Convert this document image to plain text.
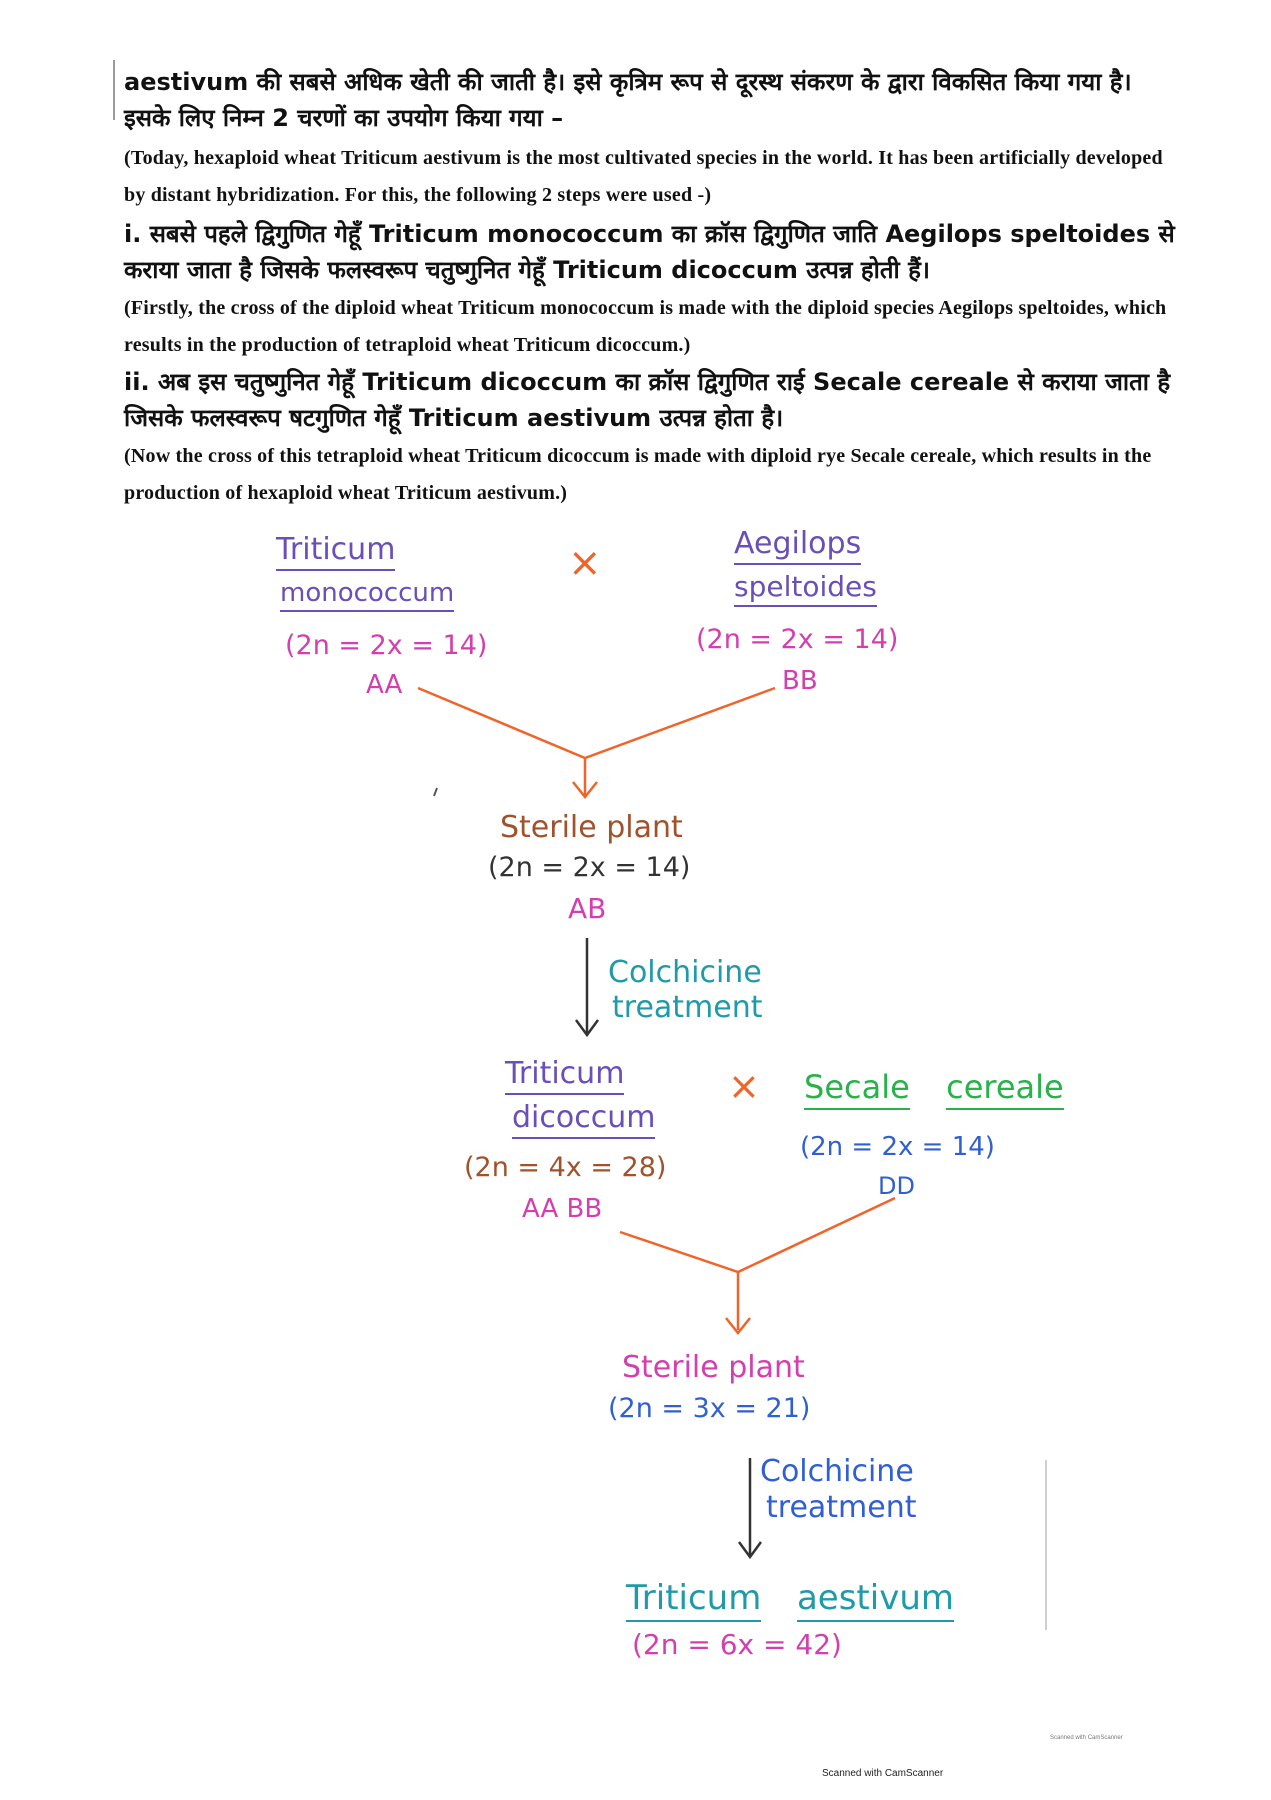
aestivum की सबसे अधिक खेती की जाती है। इसे कृत्रिम रूप से दूरस्थ संकरण के द्वारा विकसित किया गया है। इसके लिए निम्न 2 चरणों का उपयोग किया गया –

(Today, hexaploid wheat Triticum aestivum is the most cultivated species in the world. It has been artificially developed by distant hybridization. For this, the following 2 steps were used -)

i. सबसे पहले द्विगुणित गेहूँ Triticum monococcum का क्रॉस द्विगुणित जाति Aegilops speltoides से कराया जाता है जिसके फलस्वरूप चतुष्गुनित गेहूँ Triticum dicoccum उत्पन्न होती हैं।

(Firstly, the cross of the diploid wheat Triticum monococcum is made with the diploid species Aegilops speltoides, which results in the production of tetraploid wheat Triticum dicoccum.)

ii. अब इस चतुष्गुनित गेहूँ Triticum dicoccum का क्रॉस द्विगुणित राई Secale cereale से कराया जाता है जिसके फलस्वरूप षटगुणित गेहूँ Triticum aestivum उत्पन्न होता है।

(Now the cross of this tetraploid wheat Triticum dicoccum is made with diploid rye Secale cereale, which results in the production of hexaploid wheat Triticum aestivum.)

Triticum
monococcum
(2n = 2x = 14)
AA
×	Aegilops
speltoides
(2n = 2x = 14)
BB
Sterile plant
(2n = 2x = 14)
AB
Colchicine
treatment
Triticum
dicoccum
(2n = 4x = 28)
AA BB
× Secale cereale
(2n = 2x = 14)
DD
Sterile plant
(2n = 3x = 21)
Colchicine
treatment
Triticum aestivum
(2n = 6x = 42)
Scanned with CamScanner
Scanned with CamScanner
